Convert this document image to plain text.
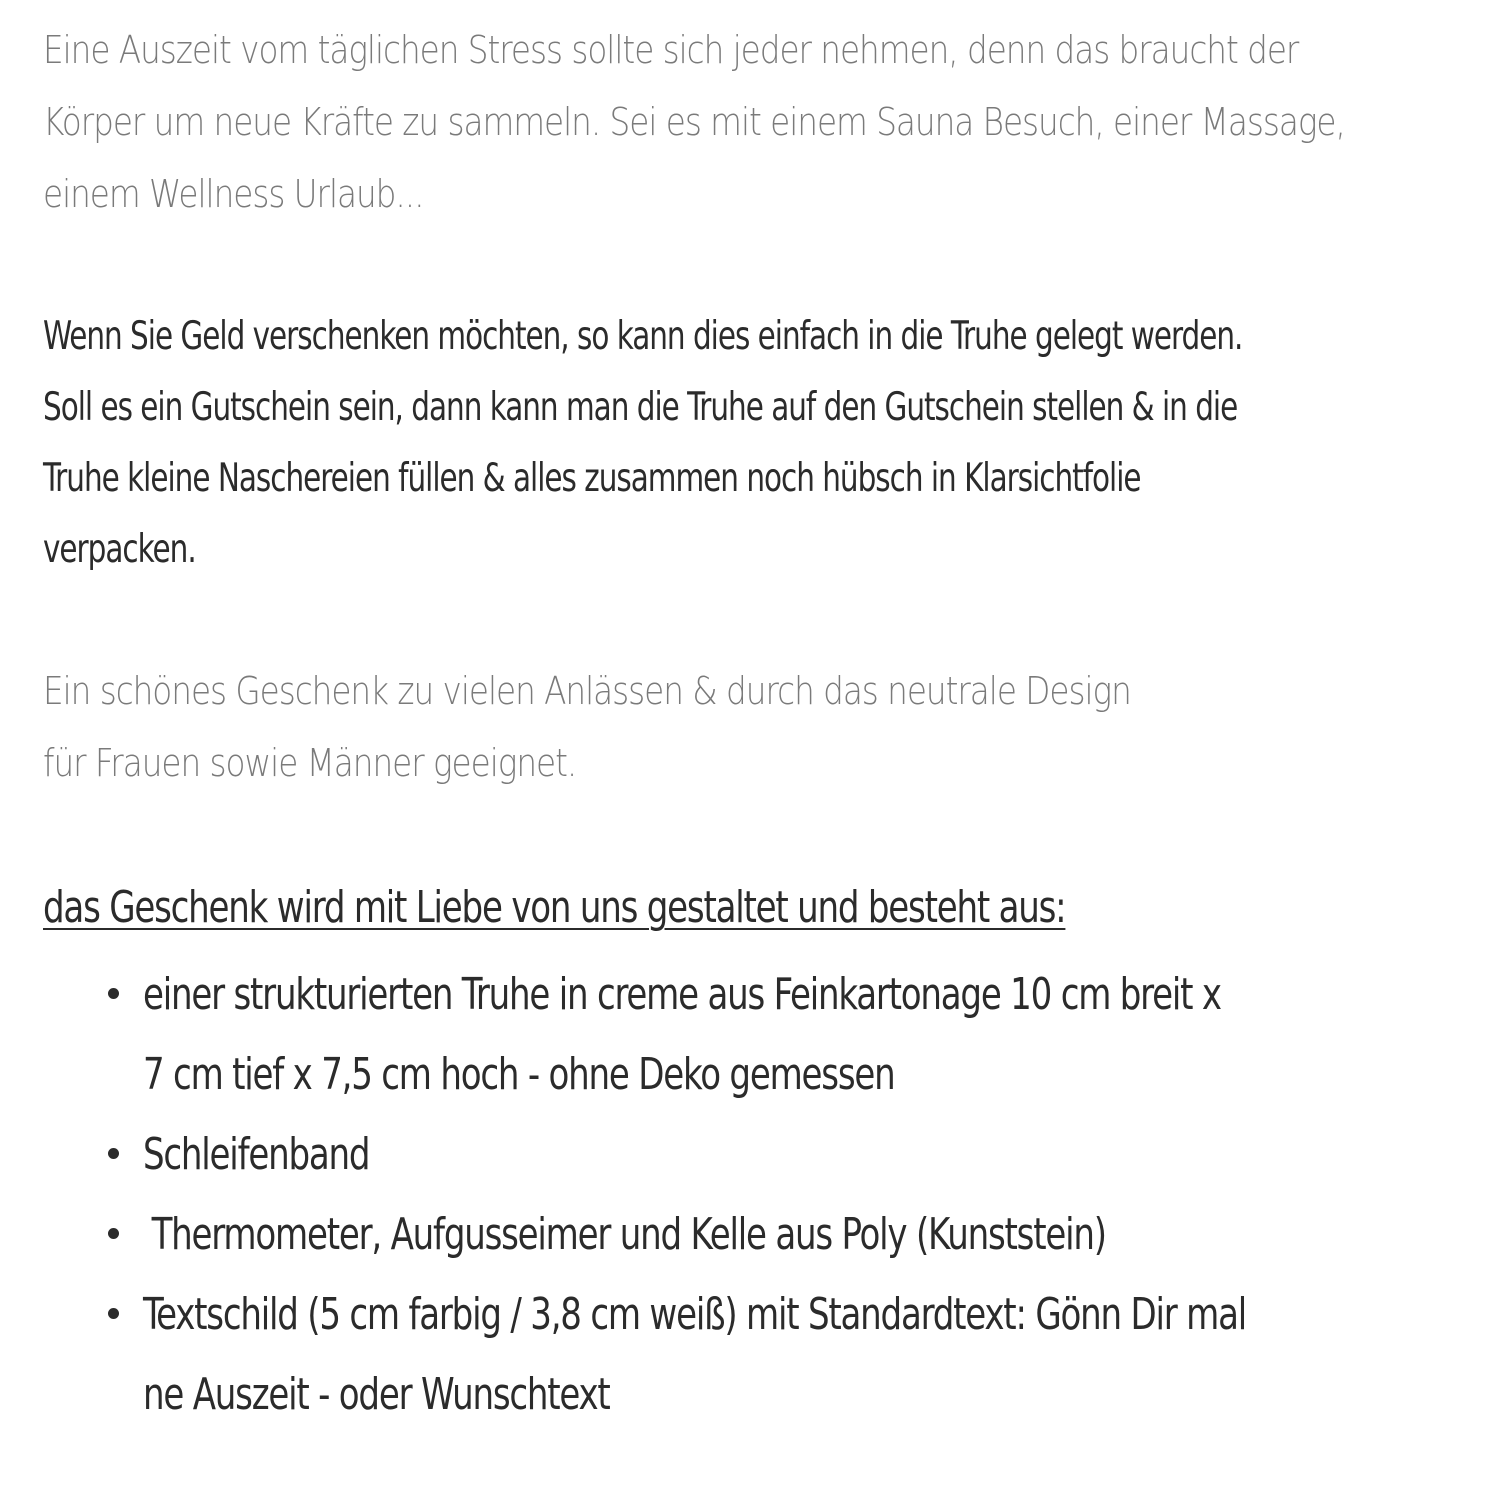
Eine Auszeit vom täglichen Stress sollte sich jeder nehmen, denn das braucht der
Körper um neue Kräfte zu sammeln. Sei es mit einem Sauna Besuch, einer Massage,
einem Wellness Urlaub...

Wenn Sie Geld verschenken möchten, so kann dies einfach in die Truhe gelegt werden.
Soll es ein Gutschein sein, dann kann man die Truhe auf den Gutschein stellen & in die
Truhe kleine Naschereien füllen & alles zusammen noch hübsch in Klarsichtfolie
verpacken.

Ein schönes Geschenk zu vielen Anlässen & durch das neutrale Design
für Frauen sowie Männer geeignet.

das Geschenk wird mit Liebe von uns gestaltet und besteht aus:
einer strukturierten Truhe in creme aus Feinkartonage 10 cm breit x
7 cm tief x 7,5 cm hoch - ohne Deko gemessen
Schleifenband
Thermometer, Aufgusseimer und Kelle aus Poly (Kunststein)
Textschild (5 cm farbig / 3,8 cm weiß) mit Standardtext: Gönn Dir mal
ne Auszeit - oder Wunschtext
